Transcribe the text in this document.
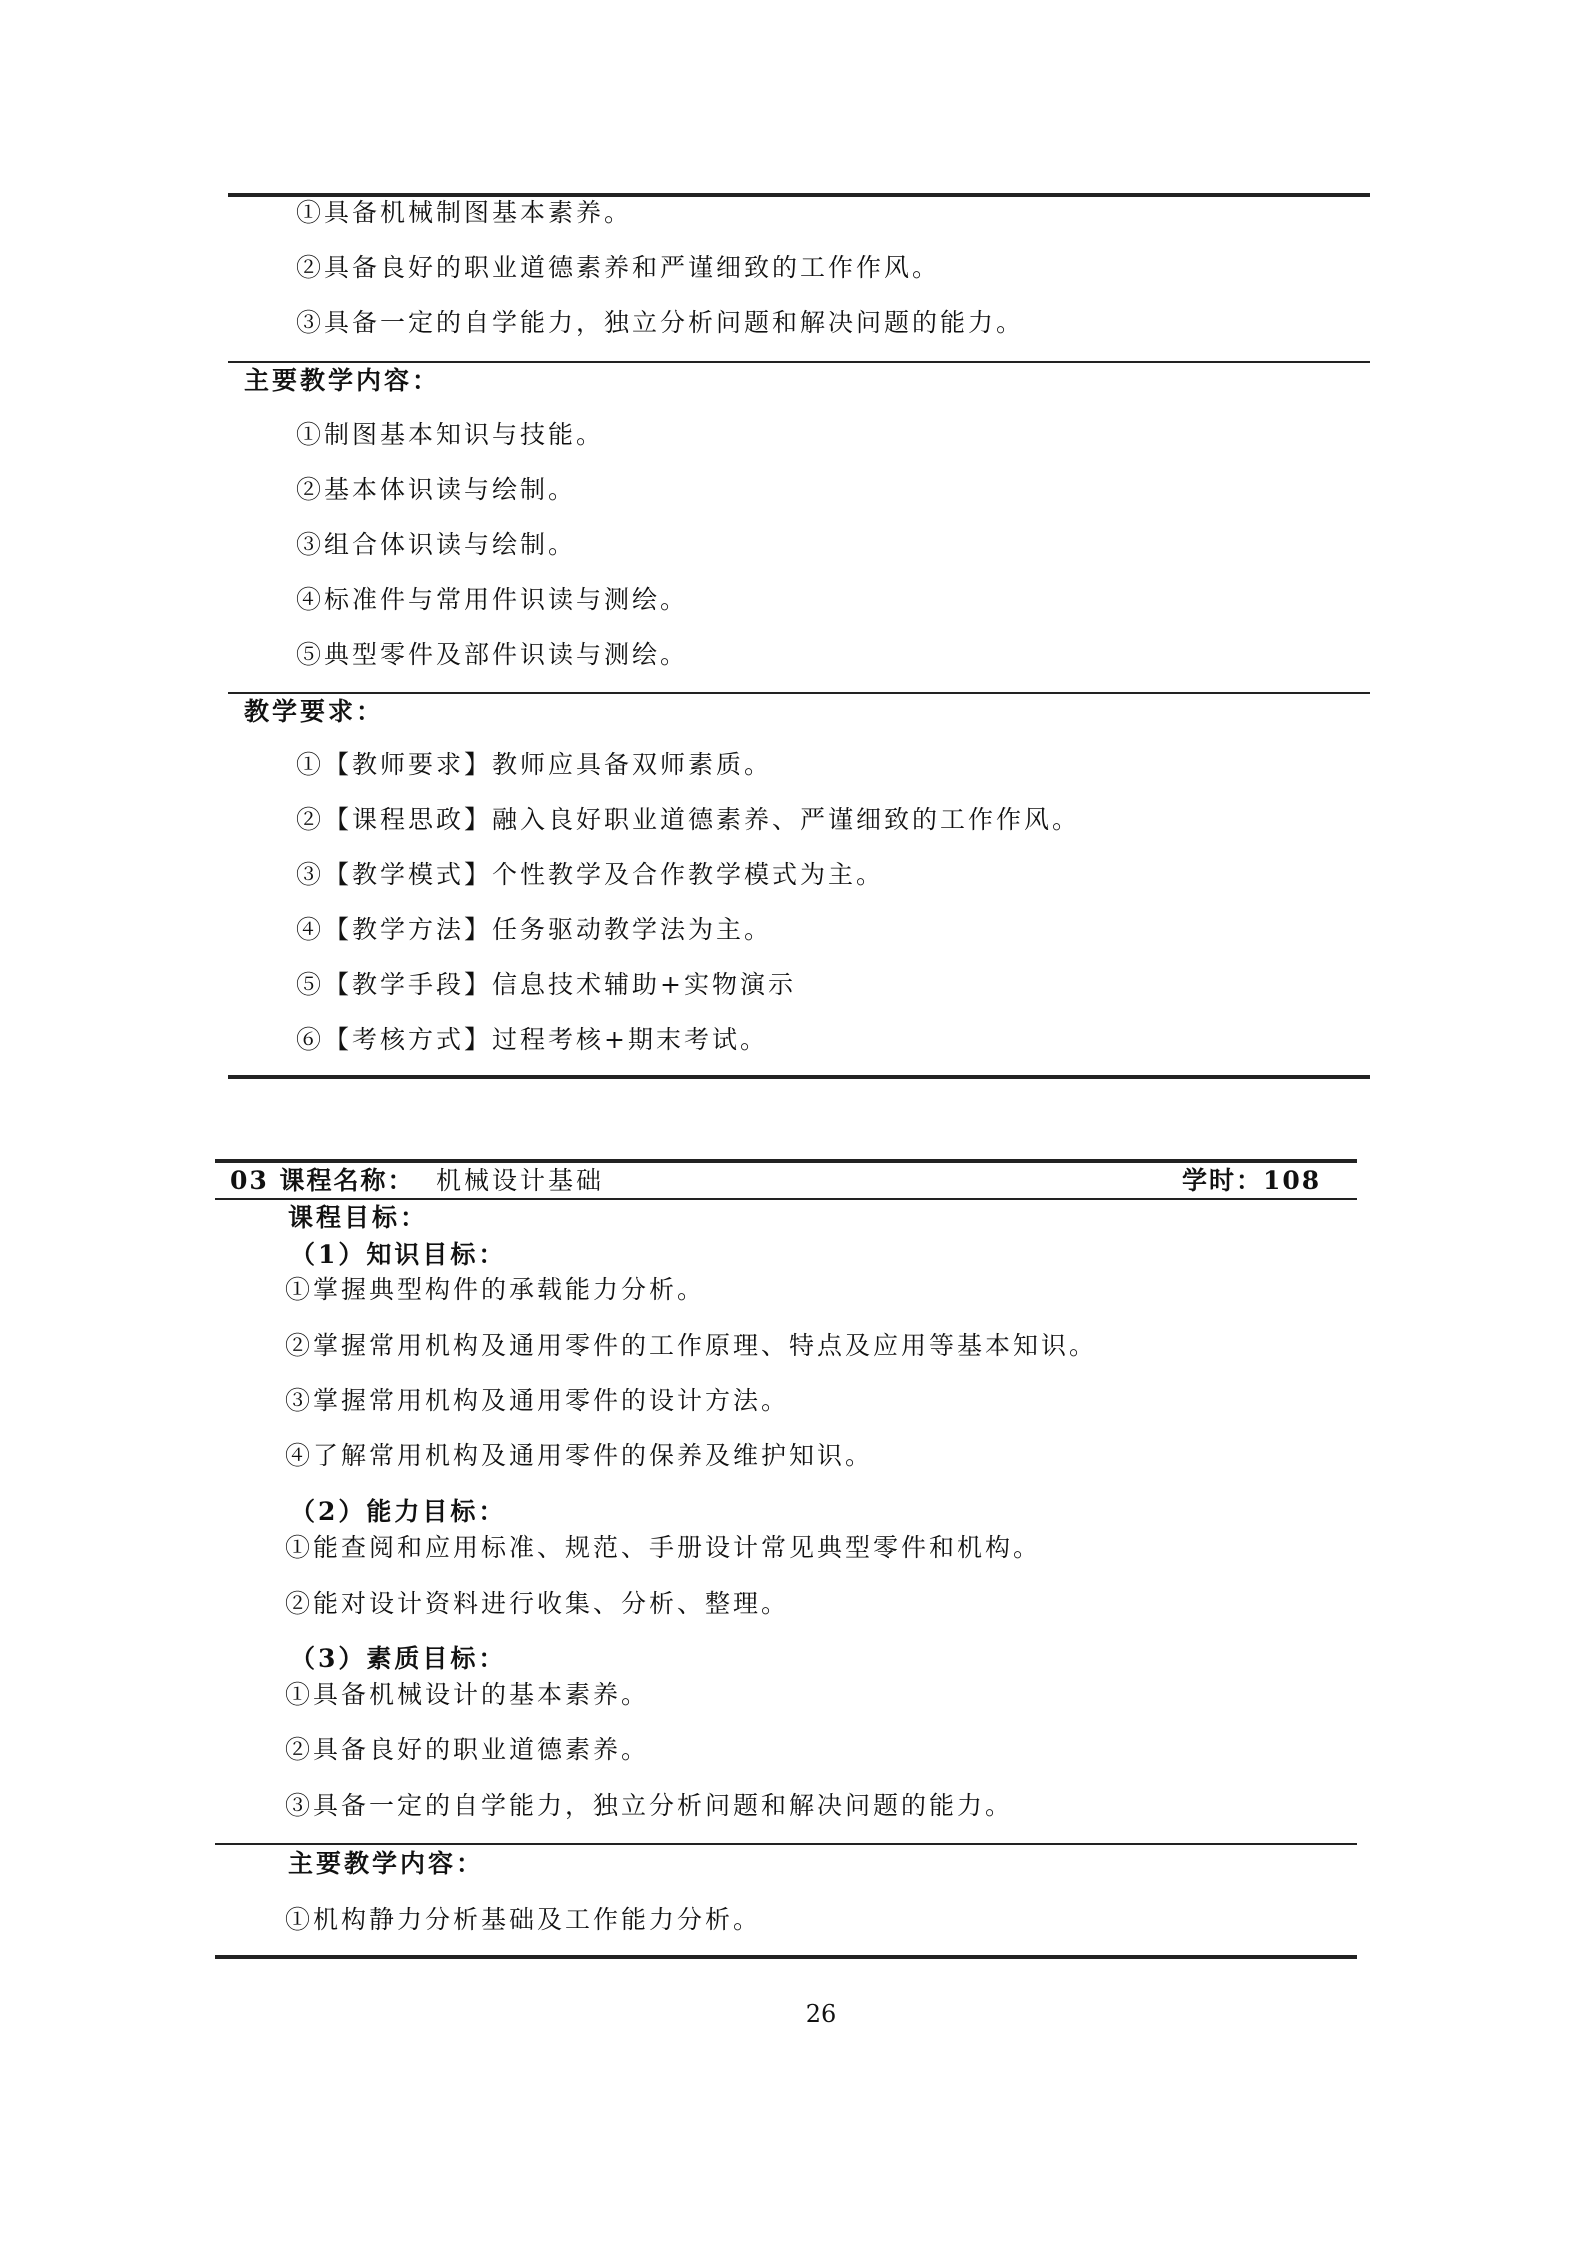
①具备机械制图基本素养。
②具备良好的职业道德素养和严谨细致的工作作风。
③具备一定的自学能力，独立分析问题和解决问题的能力。
主要教学内容：
①制图基本知识与技能。
②基本体识读与绘制。
③组合体识读与绘制。
④标准件与常用件识读与测绘。
⑤典型零件及部件识读与测绘。
教学要求：
①【教师要求】教师应具备双师素质。
②【课程思政】融入良好职业道德素养、严谨细致的工作作风。
③【教学模式】个性教学及合作教学模式为主。
④【教学方法】任务驱动教学法为主。
⑤【教学手段】信息技术辅助+实物演示
⑥【考核方式】过程考核+期末考试。
03 课程名称： 机械设计基础	学时：108
课程目标：
（1）知识目标：
①掌握典型构件的承载能力分析。
②掌握常用机构及通用零件的工作原理、特点及应用等基本知识。
③掌握常用机构及通用零件的设计方法。
④了解常用机构及通用零件的保养及维护知识。
（2）能力目标：
①能查阅和应用标准、规范、手册设计常见典型零件和机构。
②能对设计资料进行收集、分析、整理。
（3）素质目标：
①具备机械设计的基本素养。
②具备良好的职业道德素养。
③具备一定的自学能力，独立分析问题和解决问题的能力。
主要教学内容：
①机构静力分析基础及工作能力分析。
26
